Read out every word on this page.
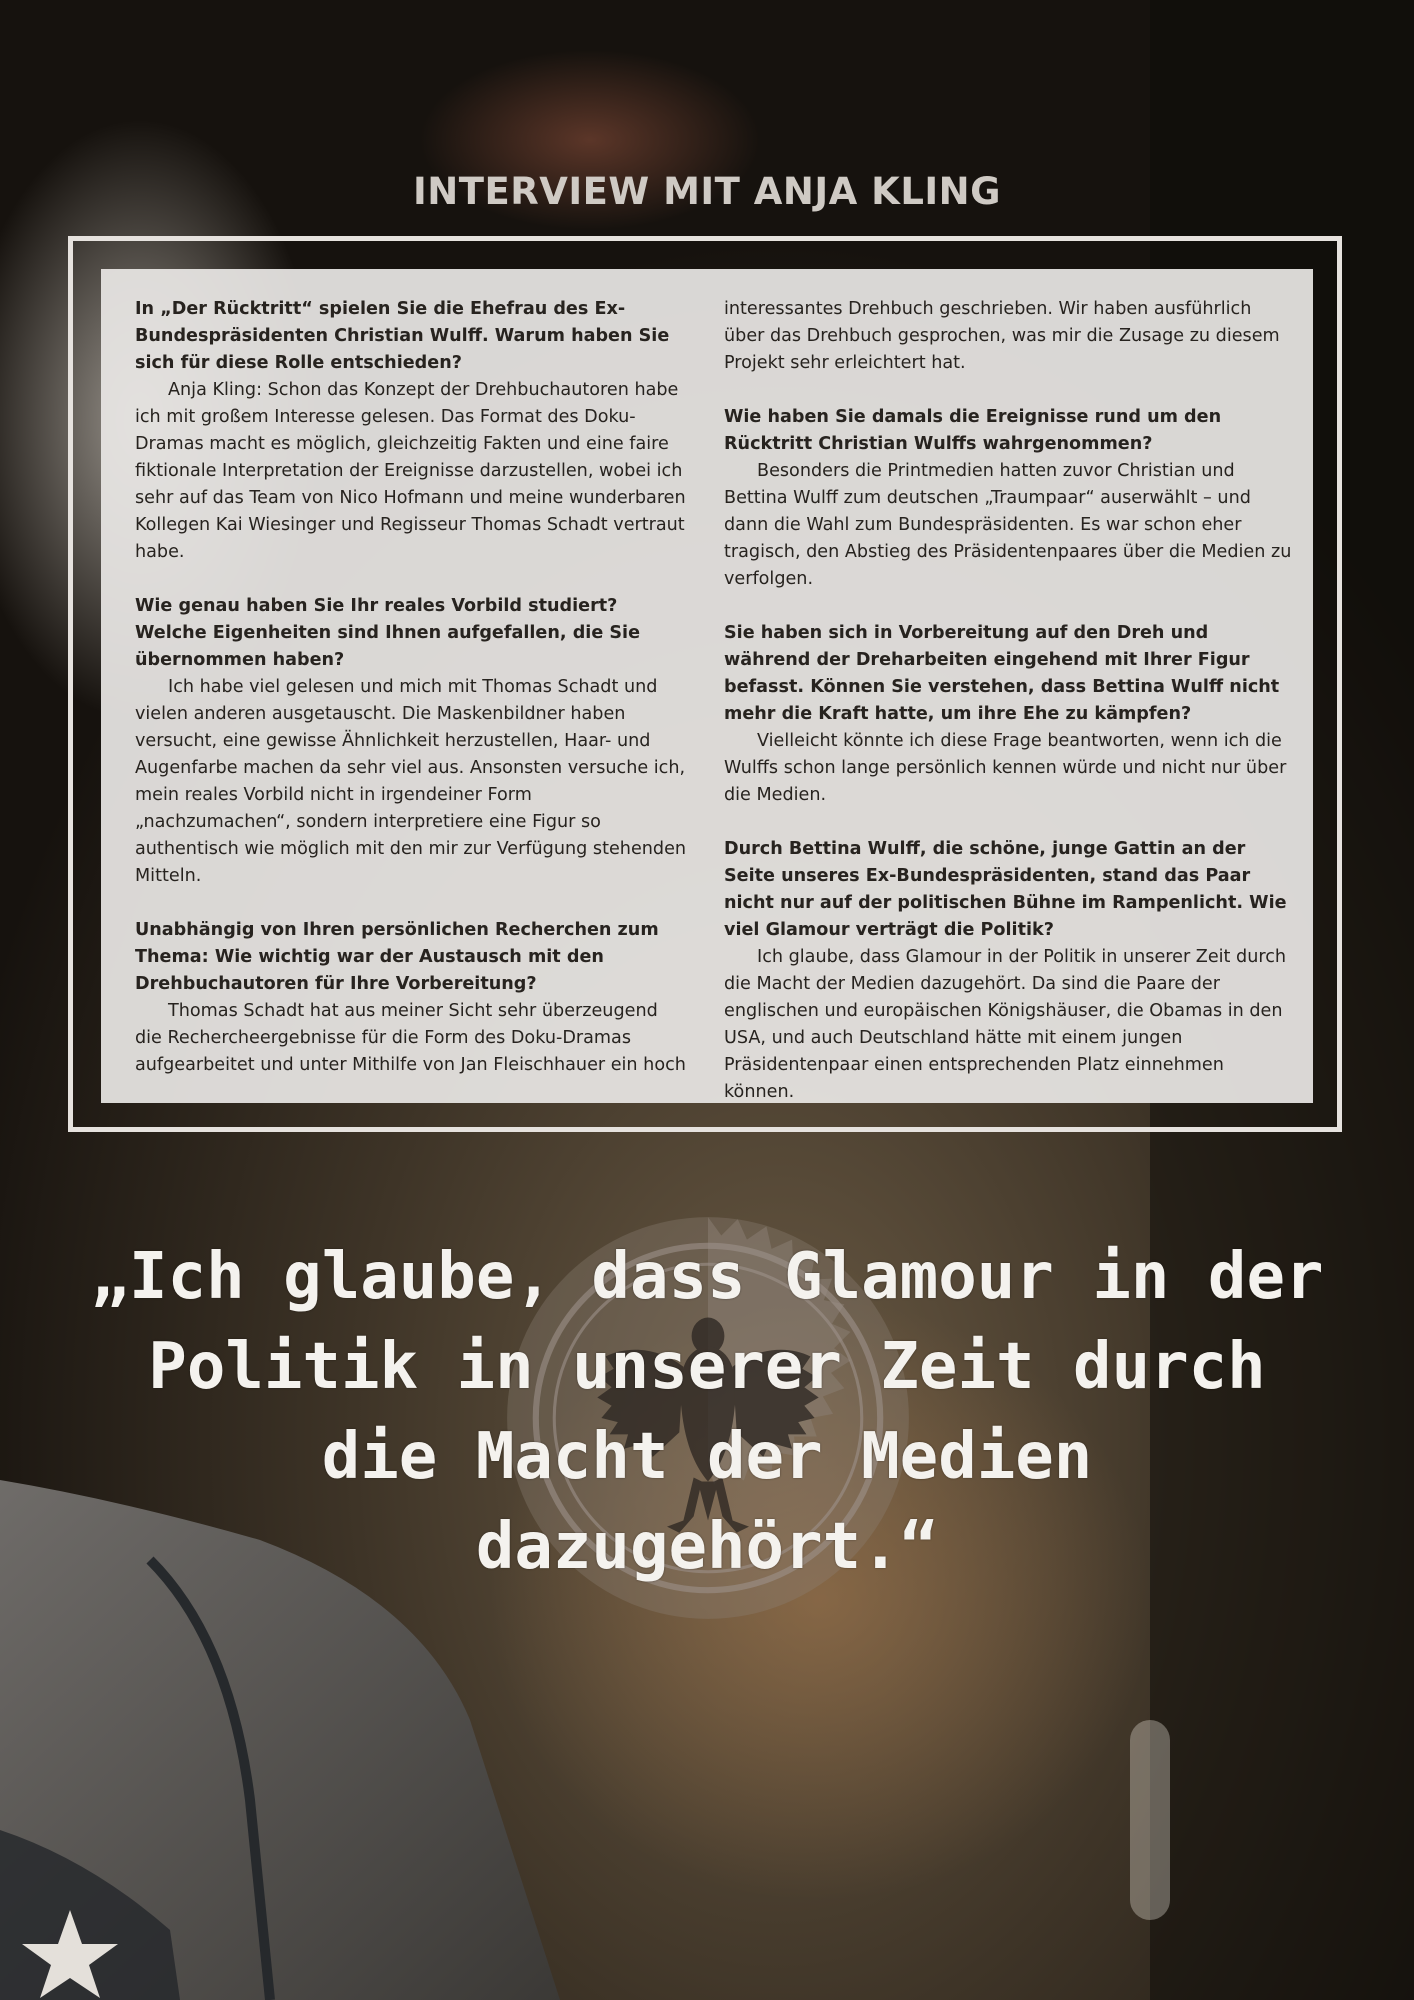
INTERVIEW MIT ANJA KLING

In „Der Rücktritt“ spielen Sie die Ehefrau des Ex-Bundespräsidenten Christian Wulff. Warum haben Sie sich für diese Rolle entschieden?

Anja Kling: Schon das Konzept der Drehbuchautoren habe ich mit großem Interesse gelesen. Das Format des Doku-Dramas macht es möglich, gleichzeitig Fakten und eine faire fiktionale Interpretation der Ereignisse darzustellen, wobei ich sehr auf das Team von Nico Hofmann und meine wunderbaren Kollegen Kai Wiesinger und Regisseur Thomas Schadt vertraut habe.

Wie genau haben Sie Ihr reales Vorbild studiert? Welche Eigenheiten sind Ihnen aufgefallen, die Sie übernommen haben?

Ich habe viel gelesen und mich mit Thomas Schadt und vielen anderen ausgetauscht. Die Maskenbildner haben versucht, eine gewisse Ähnlichkeit herzustellen, Haar- und Augenfarbe machen da sehr viel aus. Ansonsten versuche ich, mein reales Vorbild nicht in irgendeiner Form „nachzumachen“, sondern interpretiere eine Figur so authentisch wie möglich mit den mir zur Verfügung stehenden Mitteln.

Unabhängig von Ihren persönlichen Recherchen zum Thema: Wie wichtig war der Austausch mit den Drehbuchautoren für Ihre Vorbereitung?

Thomas Schadt hat aus meiner Sicht sehr überzeugend die Rechercheergebnisse für die Form des Doku-Dramas aufgearbeitet und unter Mithilfe von Jan Fleischhauer ein hoch

interessantes Drehbuch geschrieben. Wir haben ausführlich über das Drehbuch gesprochen, was mir die Zusage zu diesem Projekt sehr erleichtert hat.

Wie haben Sie damals die Ereignisse rund um den Rücktritt Christian Wulffs wahrgenommen?

Besonders die Printmedien hatten zuvor Christian und Bettina Wulff zum deutschen „Traumpaar“ auserwählt – und dann die Wahl zum Bundespräsidenten. Es war schon eher tragisch, den Abstieg des Präsidentenpaares über die Medien zu verfolgen.

Sie haben sich in Vorbereitung auf den Dreh und während der Dreharbeiten eingehend mit Ihrer Figur befasst. Können Sie verstehen, dass Bettina Wulff nicht mehr die Kraft hatte, um ihre Ehe zu kämpfen?

Vielleicht könnte ich diese Frage beantworten, wenn ich die Wulffs schon lange persönlich kennen würde und nicht nur über die Medien.

Durch Bettina Wulff, die schöne, junge Gattin an der Seite unseres Ex-Bundespräsidenten, stand das Paar nicht nur auf der politischen Bühne im Rampenlicht. Wie viel Glamour verträgt die Politik?

Ich glaube, dass Glamour in der Politik in unserer Zeit durch die Macht der Medien dazugehört. Da sind die Paare der englischen und europäischen Königshäuser, die Obamas in den USA, und auch Deutschland hätte mit einem jungen Präsidentenpaar einen entsprechenden Platz einnehmen können.

„Ich glaube, dass Glamour in der Politik in unserer Zeit durch die Macht der Medien dazugehört.“
